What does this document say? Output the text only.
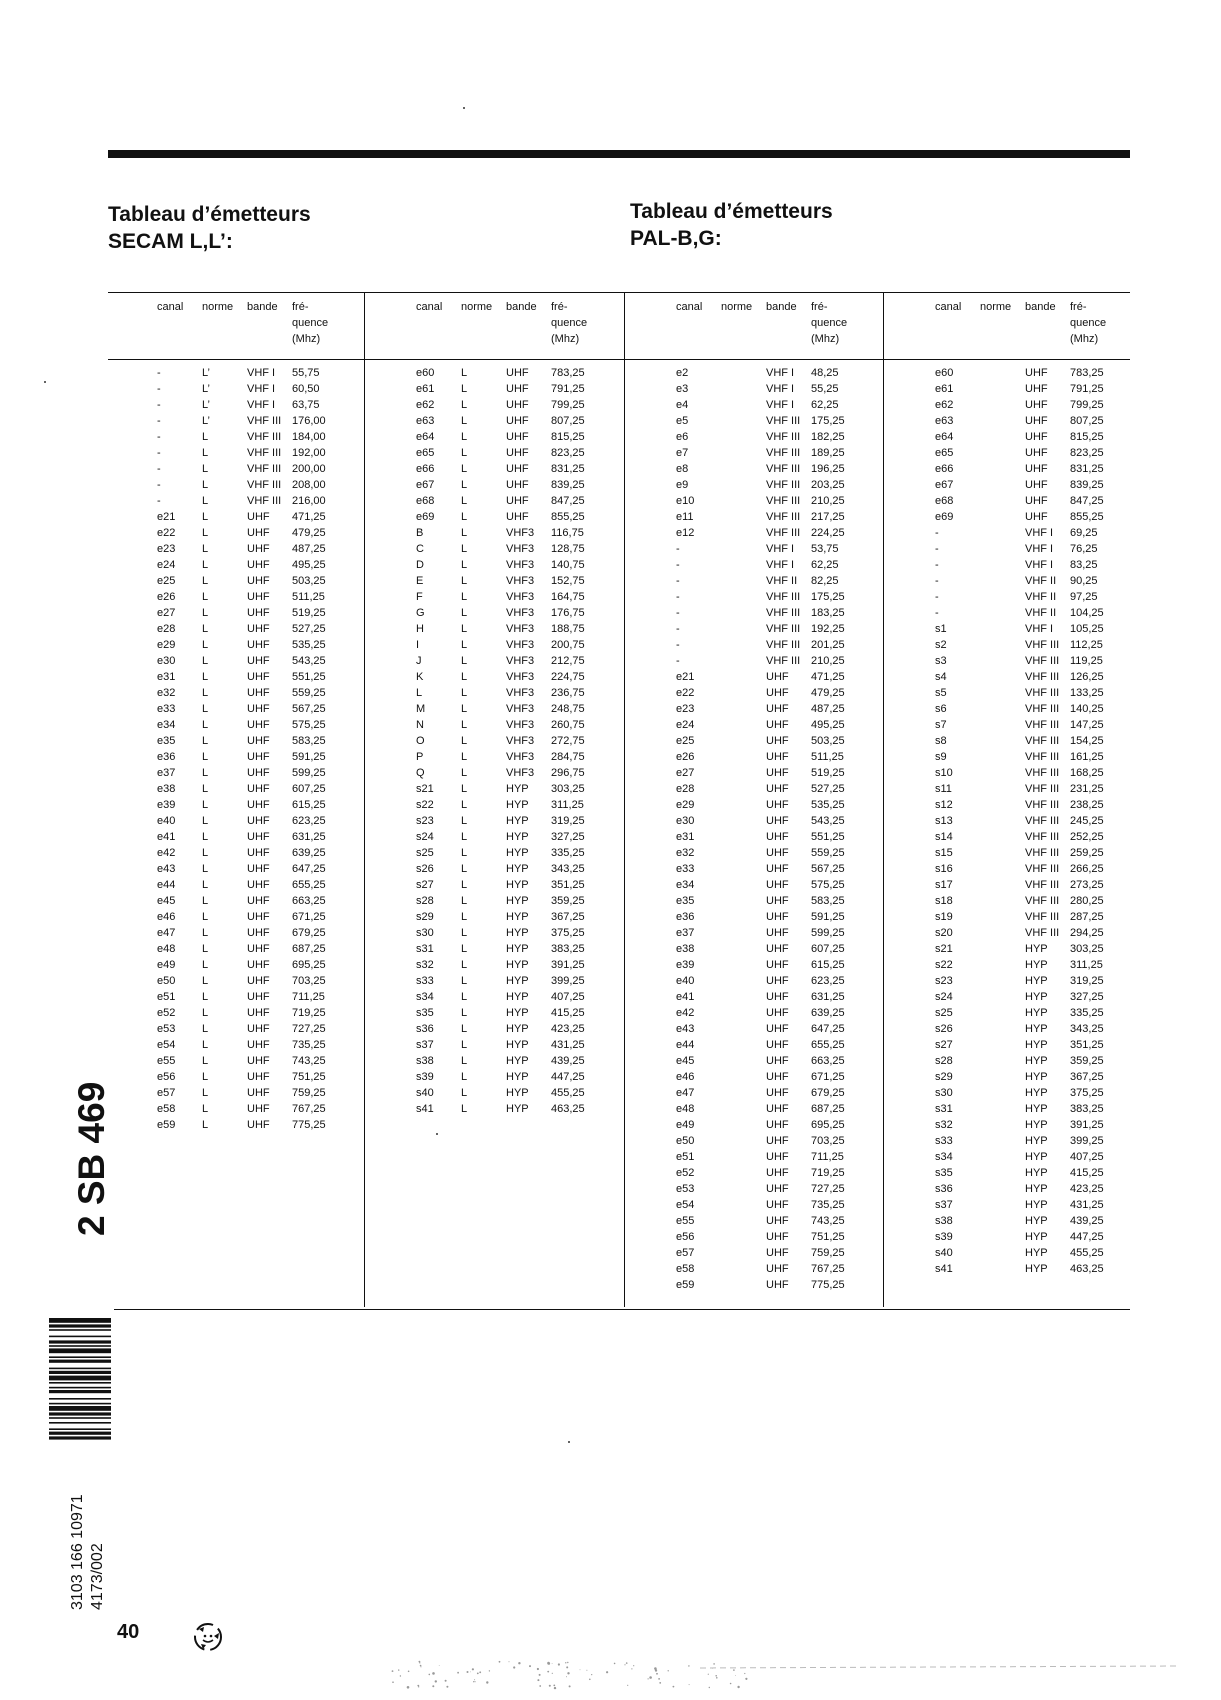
Tableau d’émetteurs
SECAM L,L’:
Tableau d’émetteurs
PAL-B,G:
canal norme bande fré-
quence
(Mhz)
-	L’	VHF I 55,75
-	L’	VHF I 60,50
-	L’	VHF I 63,75
-	L’	VHF III 176,00
-	L	VHF III 184,00
-	L	VHF III 192,00
-	L	VHF III 200,00
-	L	VHF III 208,00
-	L	VHF III 216,00
e21 L	UHF 471,25
e22 L	UHF 479,25
e23 L	UHF 487,25
e24 L	UHF 495,25
e25 L	UHF 503,25
e26 L	UHF 511,25
e27 L	UHF 519,25
e28 L	UHF 527,25
e29 L	UHF 535,25
e30 L	UHF 543,25
e31 L	UHF 551,25
e32 L	UHF 559,25
e33 L	UHF 567,25
e34 L	UHF 575,25
e35 L	UHF 583,25
e36 L	UHF 591,25
e37 L	UHF 599,25
e38 L	UHF 607,25
e39 L	UHF 615,25
e40 L	UHF 623,25
e41 L	UHF 631,25
e42 L	UHF 639,25
e43 L	UHF 647,25
e44 L	UHF 655,25
e45 L	UHF 663,25
e46 L	UHF 671,25
e47 L	UHF 679,25
e48 L	UHF 687,25
e49 L	UHF 695,25
e50 L	UHF 703,25
e51 L	UHF 711,25
e52 L	UHF 719,25
e53 L	UHF 727,25
e54 L	UHF 735,25
e55 L	UHF 743,25
e56 L	UHF 751,25
e57 L	UHF 759,25
e58 L	UHF 767,25
e59 L	UHF 775,25
canal norme bande fré-
quence
(Mhz)
e60 L	UHF 783,25
e61 L	UHF 791,25
e62 L	UHF 799,25
e63 L	UHF 807,25
e64 L	UHF 815,25
e65 L	UHF 823,25
e66 L	UHF 831,25
e67 L	UHF 839,25
e68 L	UHF 847,25
e69 L	UHF 855,25
B	L	VHF3 116,75
C	L	VHF3 128,75
D	L	VHF3 140,75
E	L	VHF3 152,75
F	L	VHF3 164,75
G	L	VHF3 176,75
H	L	VHF3 188,75
I	L	VHF3 200,75
J	L	VHF3 212,75
K	L	VHF3 224,75
L	L	VHF3 236,75
M	L	VHF3 248,75
N	L	VHF3 260,75
O	L	VHF3 272,75
P	L	VHF3 284,75
Q	L	VHF3 296,75
s21 L	HYP 303,25
s22 L	HYP 311,25
s23 L	HYP 319,25
s24 L	HYP 327,25
s25 L	HYP 335,25
s26 L	HYP 343,25
s27 L	HYP 351,25
s28 L	HYP 359,25
s29 L	HYP 367,25
s30 L	HYP 375,25
s31 L	HYP 383,25
s32 L	HYP 391,25
s33 L	HYP 399,25
s34 L	HYP 407,25
s35 L	HYP 415,25
s36 L	HYP 423,25
s37 L	HYP 431,25
s38 L	HYP 439,25
s39 L	HYP 447,25
s40 L	HYP 455,25
s41 L	HYP 463,25
canal norme bande fré-
quence
(Mhz)
e2	VHF I 48,25
e3	VHF I 55,25
e4	VHF I 62,25
e5	VHF III 175,25
e6	VHF III 182,25
e7	VHF III 189,25
e8	VHF III 196,25
e9	VHF III 203,25
e10	VHF III 210,25
e11	VHF III 217,25
e12	VHF III 224,25
-	VHF I 53,75
-	VHF I 62,25
-	VHF II 82,25
-	VHF III 175,25
-	VHF III 183,25
-	VHF III 192,25
-	VHF III 201,25
-	VHF III 210,25
e21	UHF 471,25
e22	UHF 479,25
e23	UHF 487,25
e24	UHF 495,25
e25	UHF 503,25
e26	UHF 511,25
e27	UHF 519,25
e28	UHF 527,25
e29	UHF 535,25
e30	UHF 543,25
e31	UHF 551,25
e32	UHF 559,25
e33	UHF 567,25
e34	UHF 575,25
e35	UHF 583,25
e36	UHF 591,25
e37	UHF 599,25
e38	UHF 607,25
e39	UHF 615,25
e40	UHF 623,25
e41	UHF 631,25
e42	UHF 639,25
e43	UHF 647,25
e44	UHF 655,25
e45	UHF 663,25
e46	UHF 671,25
e47	UHF 679,25
e48	UHF 687,25
e49	UHF 695,25
e50	UHF 703,25
e51	UHF 711,25
e52	UHF 719,25
e53	UHF 727,25
e54	UHF 735,25
e55	UHF 743,25
e56	UHF 751,25
e57	UHF 759,25
e58	UHF 767,25
e59	UHF 775,25
canal norme bande fré-
quence
(Mhz)
e60	UHF 783,25
e61	UHF 791,25
e62	UHF 799,25
e63	UHF 807,25
e64	UHF 815,25
e65	UHF 823,25
e66	UHF 831,25
e67	UHF 839,25
e68	UHF 847,25
e69	UHF 855,25
-	VHF I 69,25
-	VHF I 76,25
-	VHF I 83,25
-	VHF II 90,25
-	VHF II 97,25
-	VHF II 104,25
s1	VHF I 105,25
s2	VHF III 112,25
s3	VHF III 119,25
s4	VHF III 126,25
s5	VHF III 133,25
s6	VHF III 140,25
s7	VHF III 147,25
s8	VHF III 154,25
s9	VHF III 161,25
s10	VHF III 168,25
s11	VHF III 231,25
s12	VHF III 238,25
s13	VHF III 245,25
s14	VHF III 252,25
s15	VHF III 259,25
s16	VHF III 266,25
s17	VHF III 273,25
s18	VHF III 280,25
s19	VHF III 287,25
s20	VHF III 294,25
s21	HYP 303,25
s22	HYP 311,25
s23	HYP 319,25
s24	HYP 327,25
s25	HYP 335,25
s26	HYP 343,25
s27	HYP 351,25
s28	HYP 359,25
s29	HYP 367,25
s30	HYP 375,25
s31	HYP 383,25
s32	HYP 391,25
s33	HYP 399,25
s34	HYP 407,25
s35	HYP 415,25
s36	HYP 423,25
s37	HYP 431,25
s38	HYP 439,25
s39	HYP 447,25
s40	HYP 455,25
s41	HYP 463,25
2 SB 469
3103 166 10971 4173/002
40
